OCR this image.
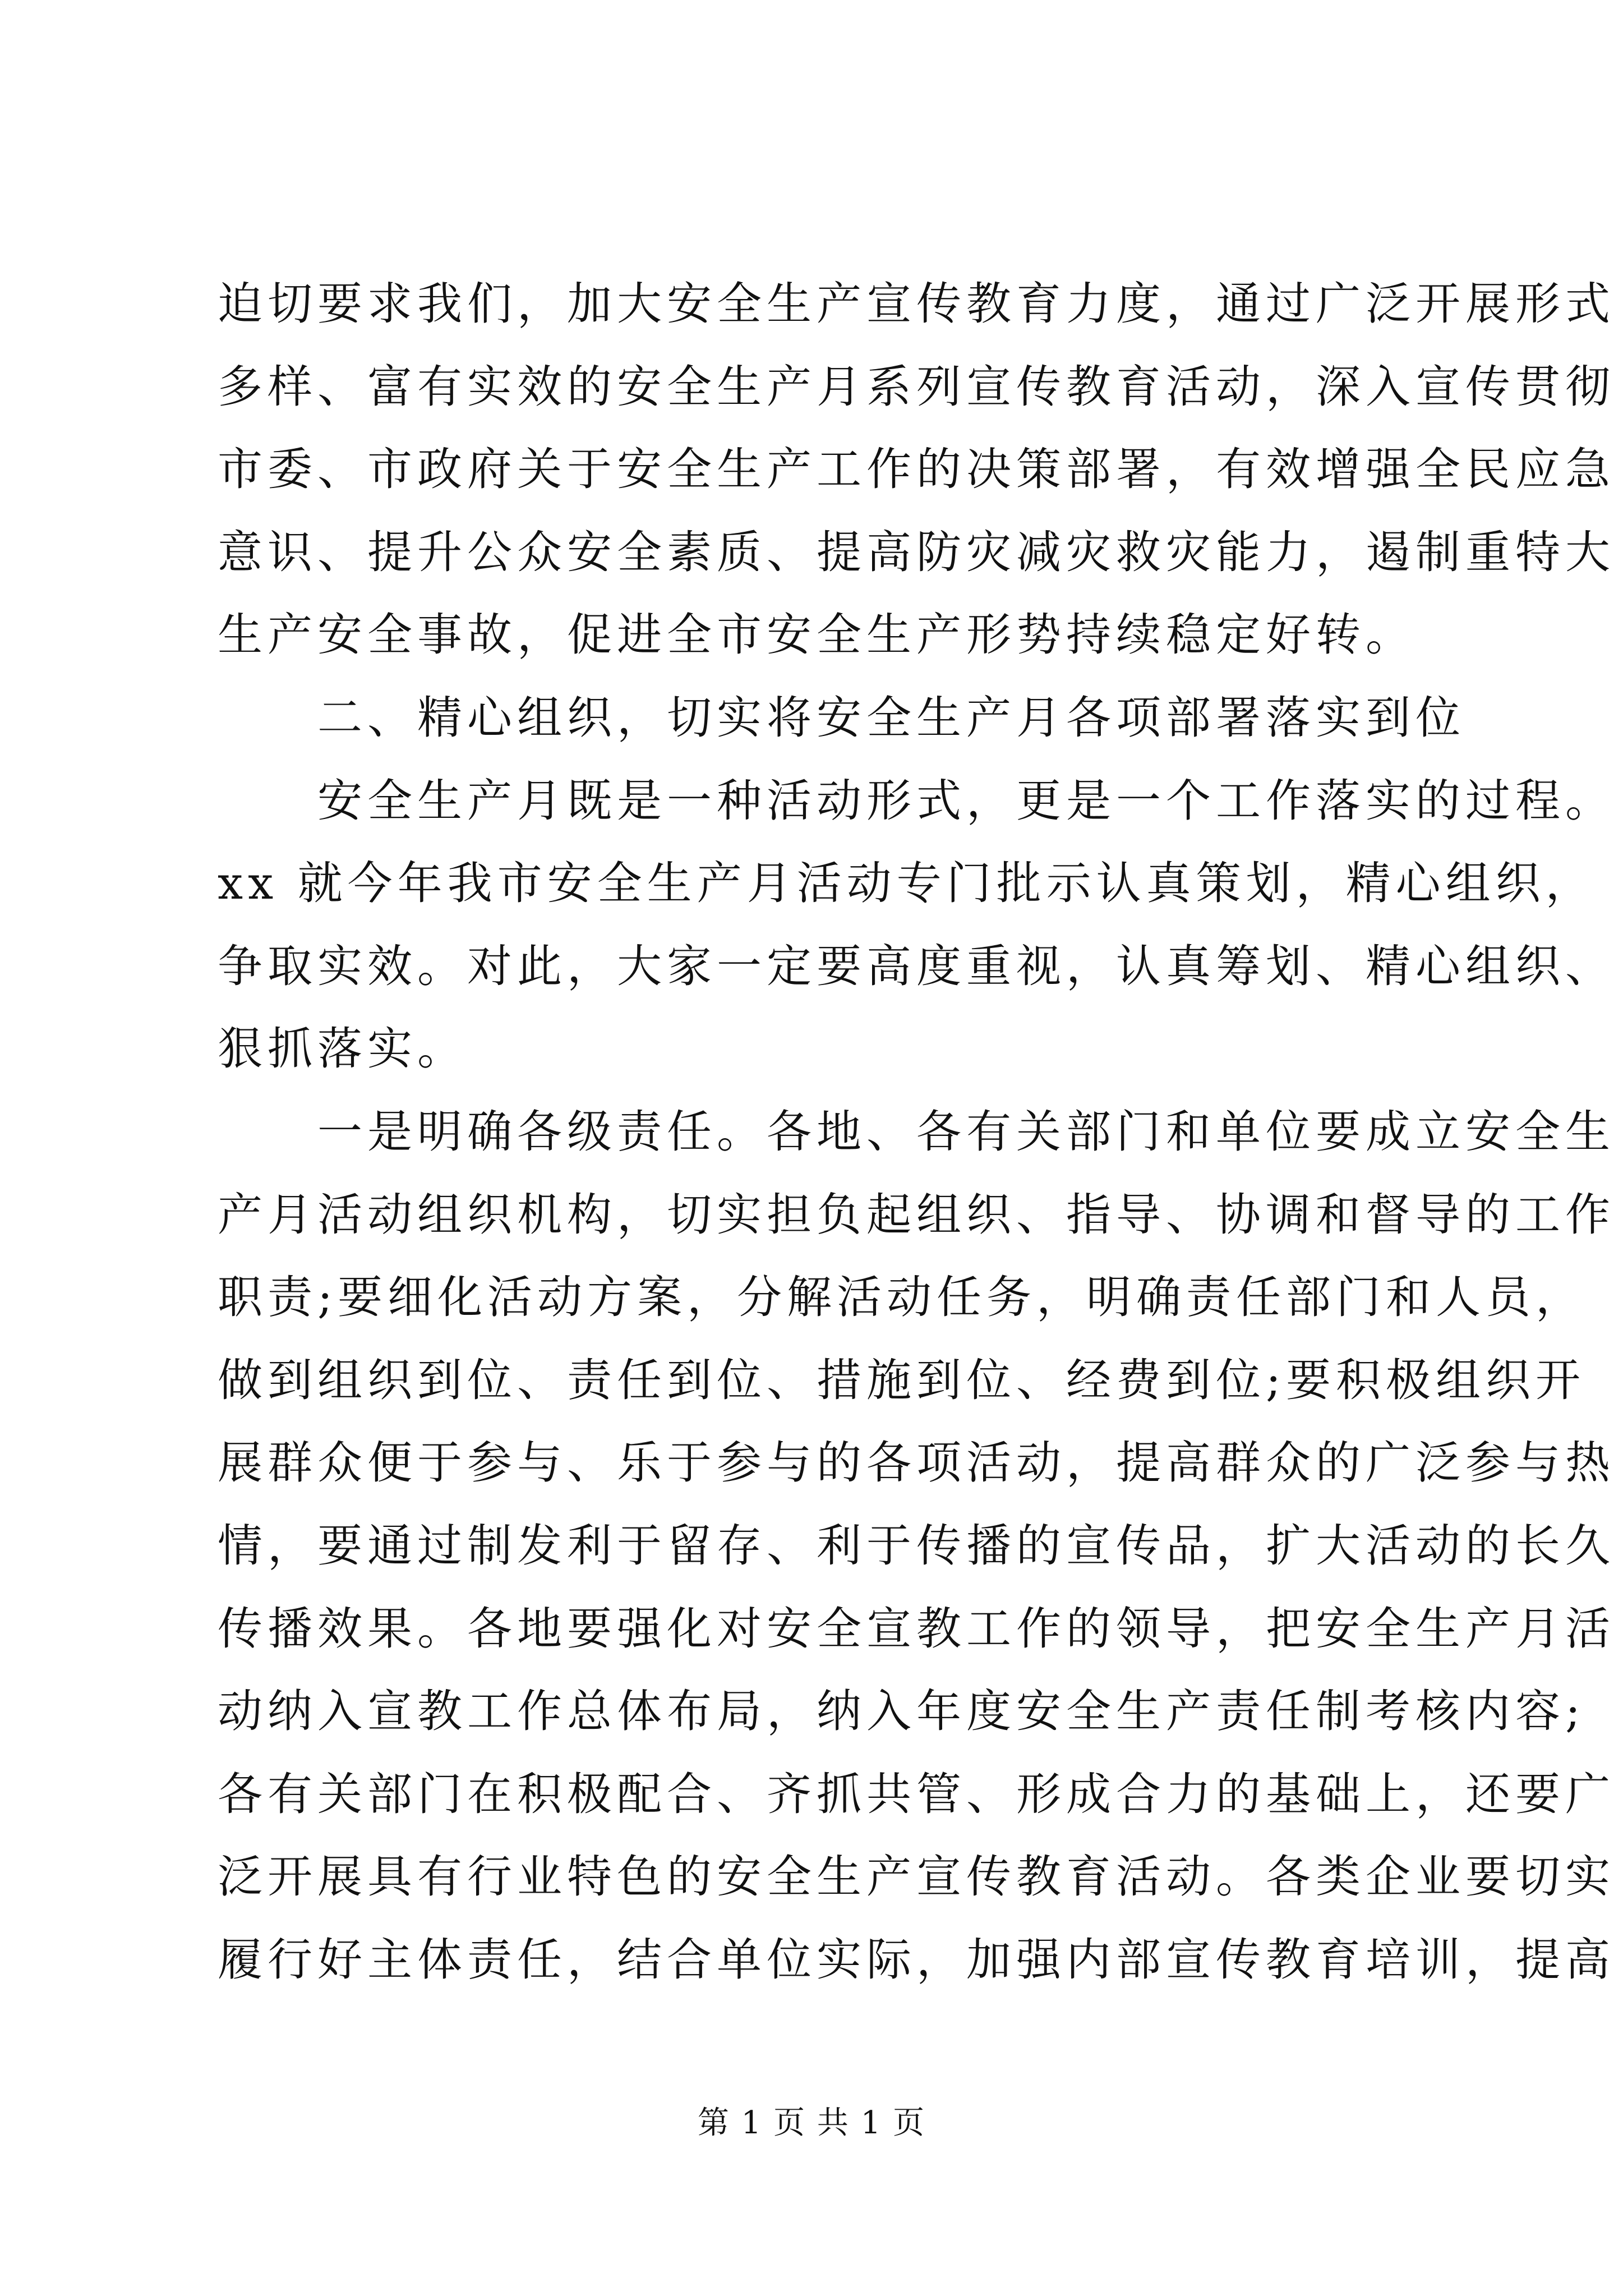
迫切要求我们，加大安全生产宣传教育力度，通过广泛开展形式
多样、富有实效的安全生产月系列宣传教育活动，深入宣传贯彻
市委、市政府关于安全生产工作的决策部署，有效增强全民应急
意识、提升公众安全素质、提高防灾减灾救灾能力，遏制重特大
生产安全事故，促进全市安全生产形势持续稳定好转。
　　二、精心组织，切实将安全生产月各项部署落实到位
　　安全生产月既是一种活动形式，更是一个工作落实的过程。
xx 就今年我市安全生产月活动专门批示认真策划，精心组织，
争取实效。对此，大家一定要高度重视，认真筹划、精心组织、
狠抓落实。
　　一是明确各级责任。各地、各有关部门和单位要成立安全生
产月活动组织机构，切实担负起组织、指导、协调和督导的工作
职责;要细化活动方案，分解活动任务，明确责任部门和人员，
做到组织到位、责任到位、措施到位、经费到位;要积极组织开
展群众便于参与、乐于参与的各项活动，提高群众的广泛参与热
情，要通过制发利于留存、利于传播的宣传品，扩大活动的长久
传播效果。各地要强化对安全宣教工作的领导，把安全生产月活
动纳入宣教工作总体布局，纳入年度安全生产责任制考核内容;
各有关部门在积极配合、齐抓共管、形成合力的基础上，还要广
泛开展具有行业特色的安全生产宣传教育活动。各类企业要切实
履行好主体责任，结合单位实际，加强内部宣传教育培训，提高
第 1 页 共 1 页
